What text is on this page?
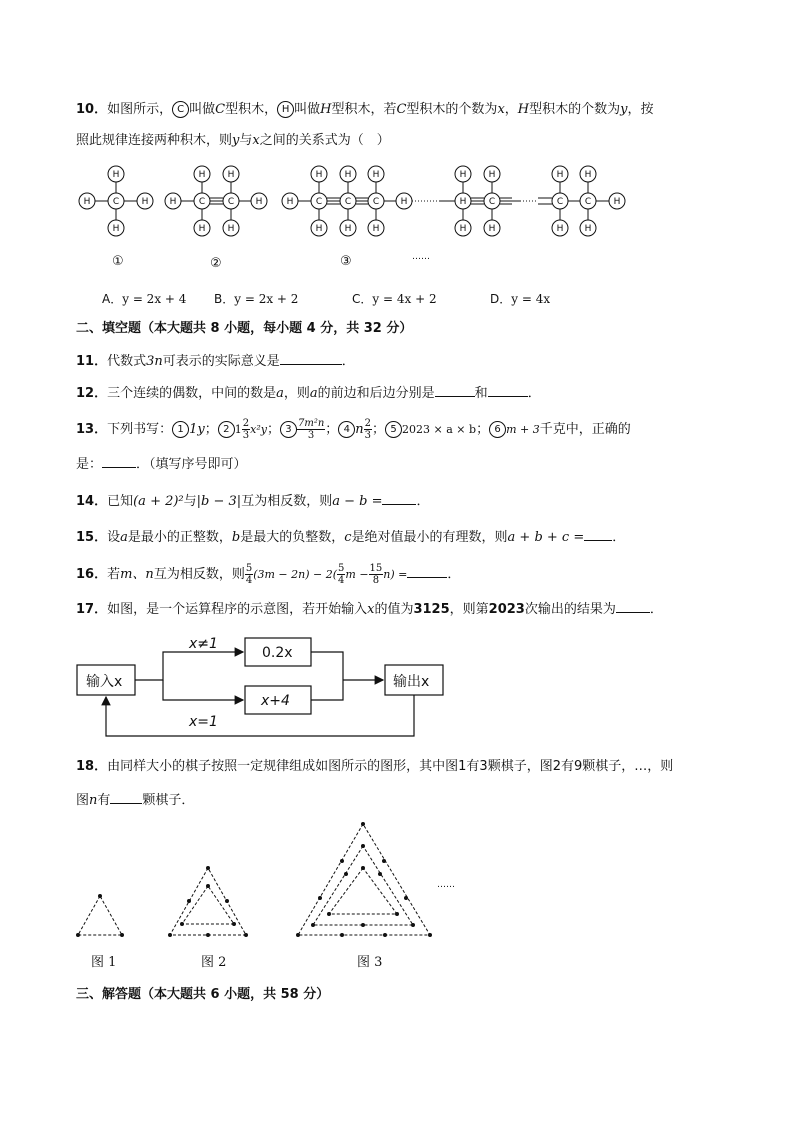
10．如图所示， C 叫做C型积木， H 叫做H型积木，若C型积木的个数为x，H型积木的个数为y，按
照此规律连接两种积木，则y与x之间的关系式为（　）
H C H
H
H
H C	C H
H H
H H
H C	C C H
H H H
H H H
H C
H H
H H
C C H
H H
H H
①	②	③	……
A．y = 2x + 4 B．y = 2x + 2	C．y = 4x + 2	D．y = 4x
二、填空题（本大题共 8 小题，每小题 4 分，共 32 分）
11．代数式3n可表示的实际意义是	．
12．三个连续的偶数，中间的数是a，则a的前边和后边分别是	和	．
13．下列书写： 1 1y； 2 $1 \frac{2}{3} x^2y$； $3 \frac{\text{7m²n}}{3}$ ； 4 n $\frac{2}{3}$ ； 5 2023 × a × b； 6 m + 3千克中，正确的
是：	．（填写序号即可）
14．已知(a + 2)²与|b − 3|互为相反数，则a − b =	．
15．设a是最小的正整数，b是最大的负整数，c是绝对值最小的有理数，则a + b + c = ．
16．若m、n互为相反数，则 $\frac{5}{4} (3m - 2n) - 2( \frac{5}{4}$ $m - \frac{15}{8} n$) =	．
17．如图，是一个运算程序的示意图，若开始输入x的值为3125，则第2023次输出的结果为	．
输入x
x≠1
0.2x
x+4
x=1
输出x
18．由同样大小的棋子按照一定规律组成如图所示的图形，其中图1有3颗棋子，图2有9颗棋子，…，则
图n有 颗棋子．
……
图 1	图 2	图 3
三、解答题（本大题共 6 小题，共 58 分）
